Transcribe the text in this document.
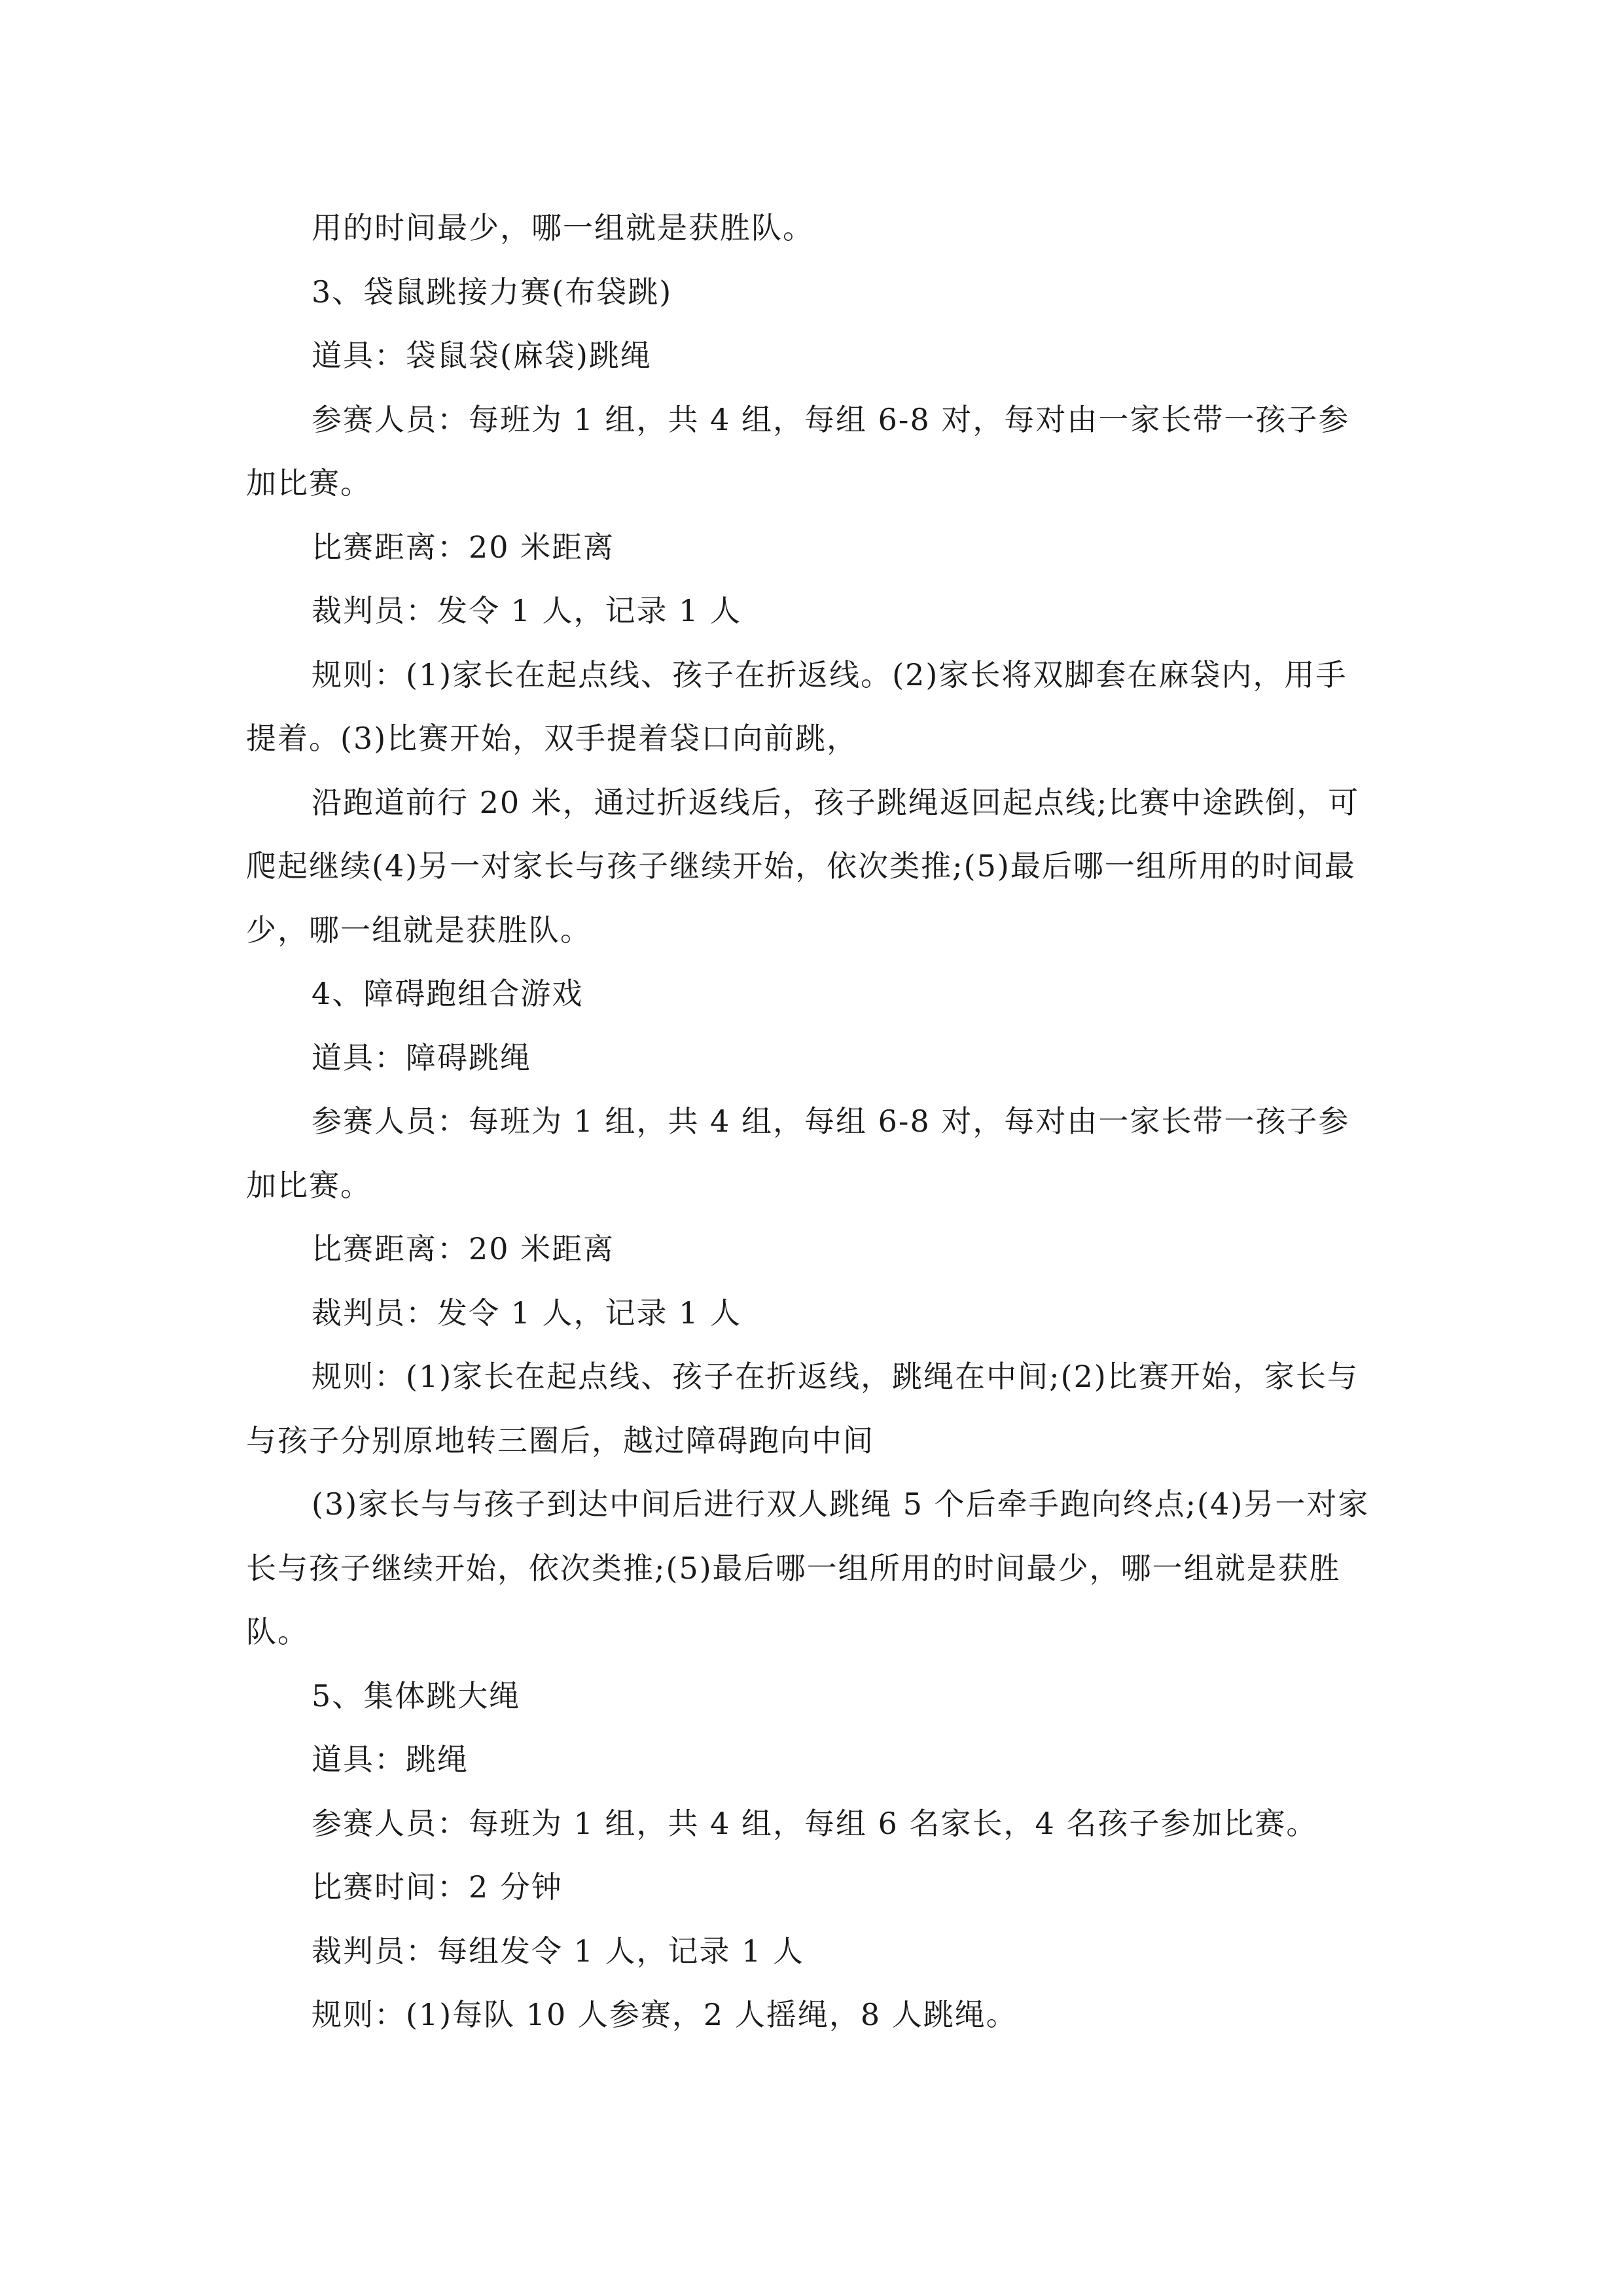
用的时间最少，哪一组就是获胜队。

3、袋鼠跳接力赛(布袋跳)

道具：袋鼠袋(麻袋)跳绳

参赛人员：每班为 1 组，共 4 组，每组 6-8 对，每对由一家长带一孩子参加比赛。

比赛距离：20 米距离

裁判员：发令 1 人，记录 1 人

规则：(1)家长在起点线、孩子在折返线。(2)家长将双脚套在麻袋内，用手提着。(3)比赛开始，双手提着袋口向前跳，

沿跑道前行 20 米，通过折返线后，孩子跳绳返回起点线;比赛中途跌倒，可爬起继续(4)另一对家长与孩子继续开始，依次类推;(5)最后哪一组所用的时间最少，哪一组就是获胜队。

4、障碍跑组合游戏

道具：障碍跳绳

参赛人员：每班为 1 组，共 4 组，每组 6-8 对，每对由一家长带一孩子参加比赛。

比赛距离：20 米距离

裁判员：发令 1 人，记录 1 人

规则：(1)家长在起点线、孩子在折返线，跳绳在中间;(2)比赛开始，家长与与孩子分别原地转三圈后，越过障碍跑向中间

(3)家长与与孩子到达中间后进行双人跳绳 5 个后牵手跑向终点;(4)另一对家长与孩子继续开始，依次类推;(5)最后哪一组所用的时间最少，哪一组就是获胜队。

5、集体跳大绳

道具：跳绳

参赛人员：每班为 1 组，共 4 组，每组 6 名家长，4 名孩子参加比赛。

比赛时间：2 分钟

裁判员：每组发令 1 人，记录 1 人

规则：(1)每队 10 人参赛，2 人摇绳，8 人跳绳。
